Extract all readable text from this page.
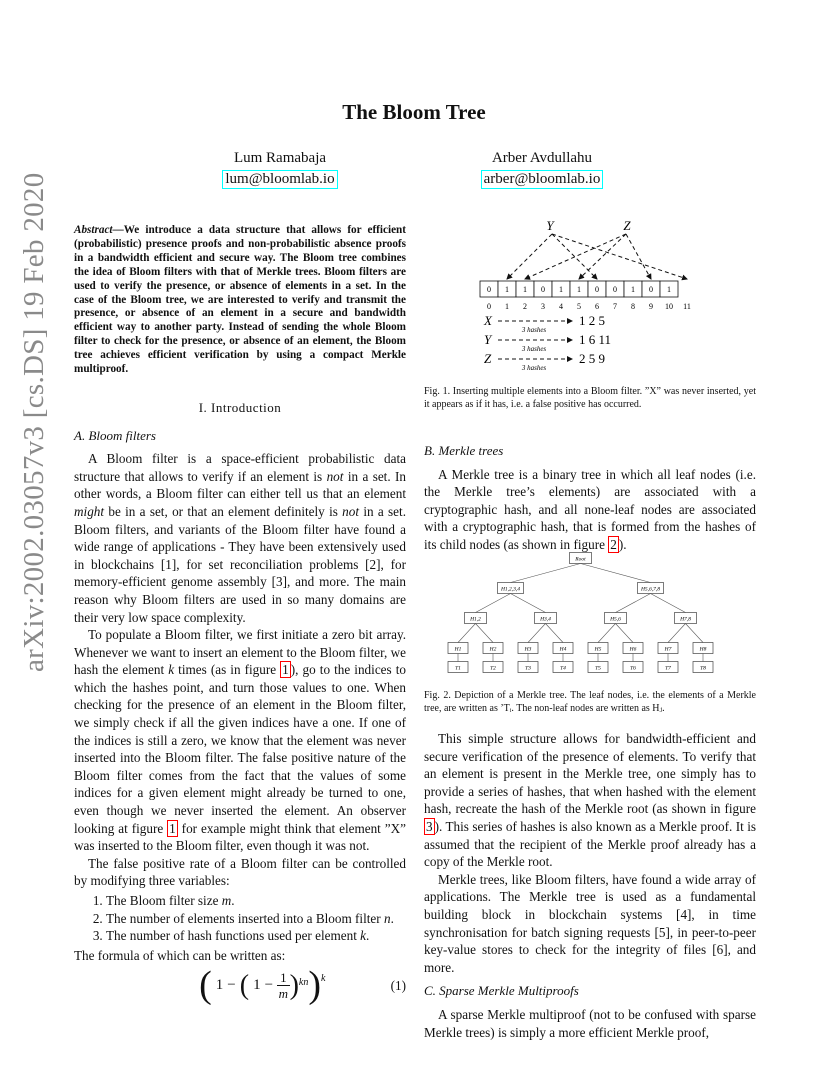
arXiv:2002.03057v3 [cs.DS] 19 Feb 2020
The Bloom Tree
Lum Ramabaja
lum@bloomlab.io
Arber Avdullahu
arber@bloomlab.io
Abstract—We introduce a data structure that allows for efficient (probabilistic) presence proofs and non-probabilistic absence proofs in a bandwidth efficient and secure way. The Bloom tree combines the idea of Bloom filters with that of Merkle trees. Bloom filters are used to verify the presence, or absence of elements in a set. In the case of the Bloom tree, we are interested to verify and transmit the presence, or absence of an element in a secure and bandwidth efficient way to another party. Instead of sending the whole Bloom filter to check for the presence, or absence of an element, the Bloom tree achieves efficient verification by using a compact Merkle multiproof.
I. Introduction
A. Bloom filters

A Bloom filter is a space-efficient probabilistic data structure that allows to verify if an element is not in a set. In other words, a Bloom filter can either tell us that an element might be in a set, or that an element definitely is not in a set. Bloom filters, and variants of the Bloom filter have found a wide range of applications - They have been extensively used in blockchains [1], for set reconciliation problems [2], for memory-efficient genome assembly [3], and more. The main reason why Bloom filters are used in so many domains are their very low space complexity.

To populate a Bloom filter, we first initiate a zero bit array. Whenever we want to insert an element to the Bloom filter, we hash the element k times (as in figure 1 ), go to the indices to which the hashes point, and turn those values to one. When checking for the presence of an element in the Bloom filter, we simply check if all the given indices have a one. If one of the indices is still a zero, we know that the element was never inserted into the Bloom filter. The false positive nature of the Bloom filter comes from the fact that the values of some indices for a given element might already be turned to one, even though we never inserted the element. An observer looking at figure 1 for example might think that element ”X” was inserted to the Bloom filter, even though it was not.

The false positive rate of a Bloom filter can be controlled by modifying three variables:

1. The Bloom filter size m.
2. The number of elements inserted into a Bloom filter n.
3. The number of hash functions used per element k.
The formula of which can be written as:
( 1 − ( $1 - \frac{1}{m}$ ) kn ) k	(1)
Y	Z
0 1 1 0 1 1 0 0 1 0 1
0 1 2 3 4 5 6 7 8 9 10 11
X
3 hashes
1 2 5
Y
3 hashes
1 6 11
Z
3 hashes
2 5 9
Fig. 1. Inserting multiple elements into a Bloom filter. ”X” was never inserted, yet it appears as if it has, i.e. a false positive has occurred.
B. Merkle trees

A Merkle tree is a binary tree in which all leaf nodes (i.e. the Merkle tree’s elements) are associated with a cryptographic hash, and all none-leaf nodes are associated with a cryptographic hash, that is formed from the hashes of its child nodes (as shown in figure 2 ).

Root
H1,2,3,4	H5,6,7,8
H1,2	H3,4	H5,6	H7,8
H1	H2	H3	H4	H5	H6	H7	H8
T1	T2	T3	T4	T5	T6	T7	T8
Fig. 2. Depiction of a Merkle tree. The leaf nodes, i.e. the elements of a Merkle tree, are written as ’Tᵢ. The non-leaf nodes are written as Hⱼ.

This simple structure allows for bandwidth-efficient and secure verification of the presence of elements. To verify that an element is present in the Merkle tree, one simply has to provide a series of hashes, that when hashed with the element hash, recreate the hash of the Merkle root (as shown in figure 3 ). This series of hashes is also known as a Merkle proof. It is assumed that the recipient of the Merkle proof already has a copy of the Merkle root.

Merkle trees, like Bloom filters, have found a wide array of applications. The Merkle tree is used as a fundamental building block in blockchain systems [4], in time synchronisation for batch signing requests [5], in peer-to-peer key-value stores to check for the integrity of files [6], and more.

C. Sparse Merkle Multiproofs

A sparse Merkle multiproof (not to be confused with sparse Merkle trees) is simply a more efficient Merkle proof,
